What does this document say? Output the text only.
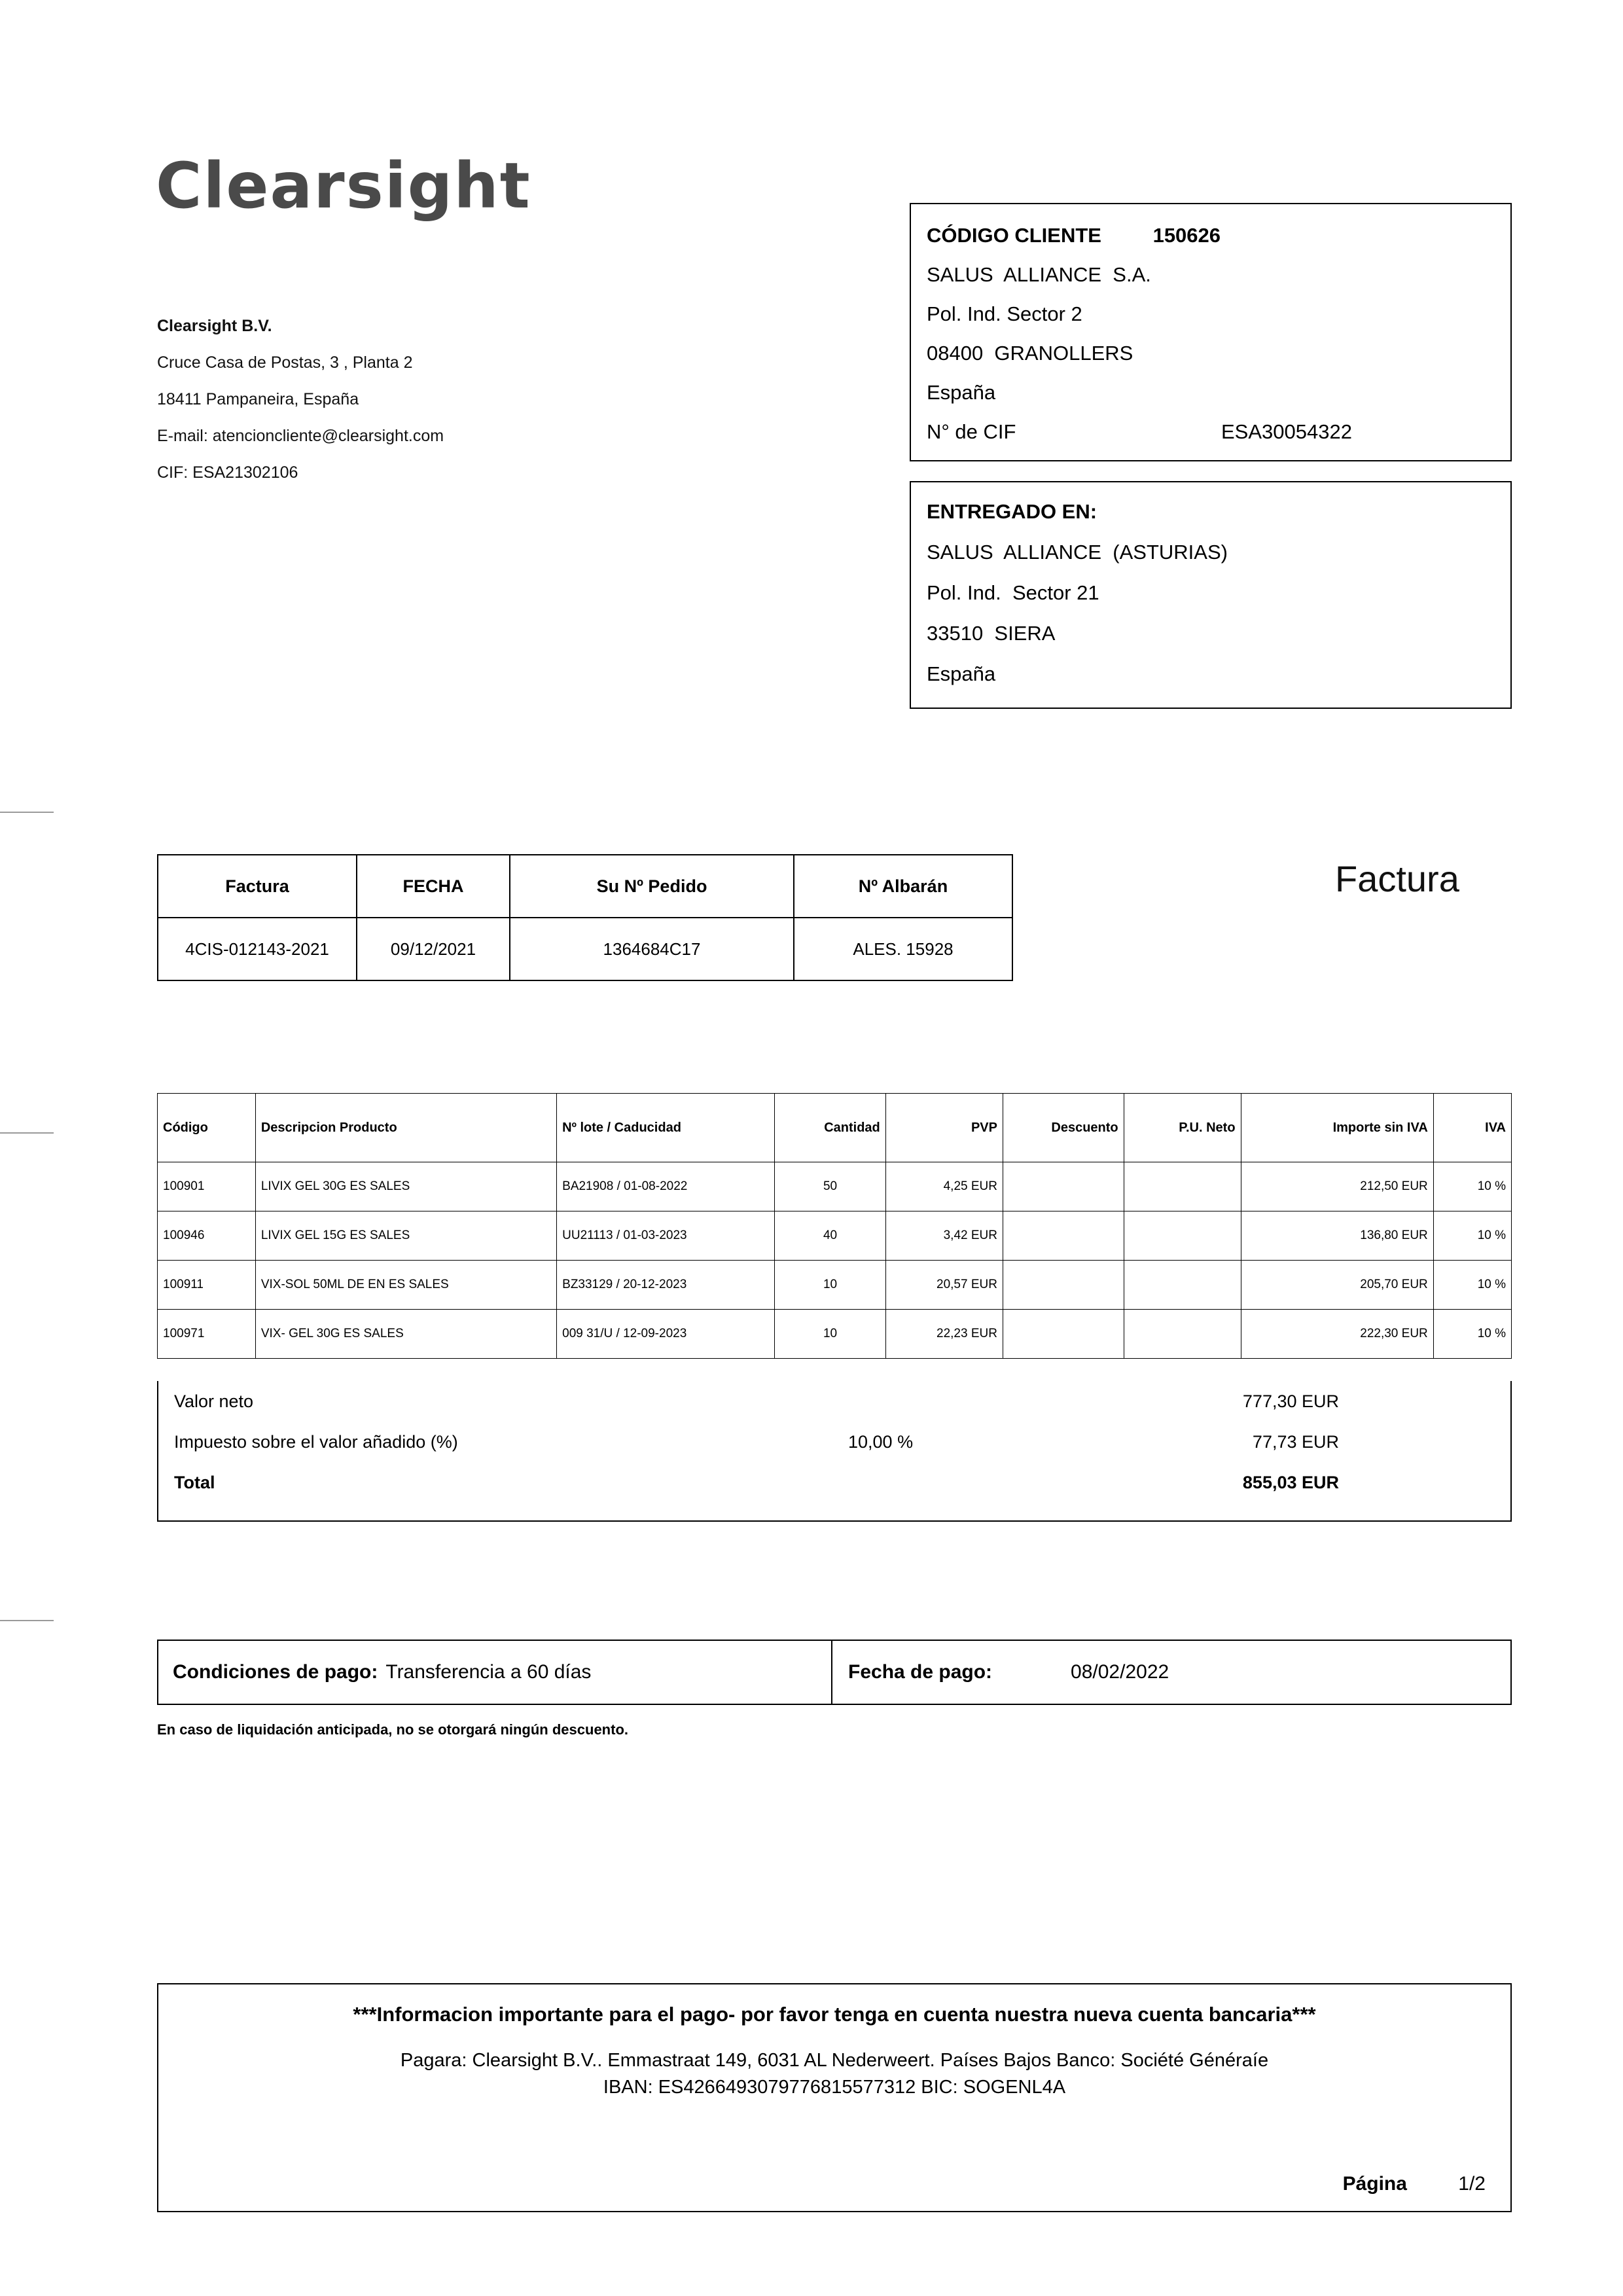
Clearsight
Clearsight B.V.
Cruce Casa de Postas, 3 , Planta 2
18411 Pampaneira, España
E-mail: atencioncliente@clearsight.com
CIF: ESA21302106
CÓDIGO CLIENTE	150626
SALUS  ALLIANCE  S.A.
Pol. Ind. Sector 2
08400  GRANOLLERS
España
N° de CIF	ESA30054322
ENTREGADO EN:
SALUS  ALLIANCE  (ASTURIAS)
Pol. Ind.  Sector 21
33510  SIERA
España
Factura
Factura	FECHA	Su Nº Pedido	Nº Albarán
4CIS-012143-2021	09/12/2021	1364684C17	ALES. 15928
Código	Descripcion Producto	Nº lote / Caducidad	Cantidad	PVP	Descuento	P.U. Neto	Importe sin IVA	IVA
100901	LIVIX GEL 30G ES SALES	BA21908 / 01-08-2022	50	4,25 EUR			212,50 EUR	10 %
100946	LIVIX GEL 15G ES SALES	UU21113 / 01-03-2023	40	3,42 EUR			136,80 EUR	10 %
100911	VIX-SOL 50ML DE EN ES SALES	BZ33129 / 20-12-2023	10	20,57 EUR			205,70 EUR	10 %
100971	VIX- GEL 30G ES SALES	009 31/U / 12-09-2023	10	22,23 EUR			222,30 EUR	10 %
Valor neto	777,30 EUR
Impuesto sobre el valor añadido (%)	10,00 %	77,73 EUR
Total	855,03 EUR
Condiciones de pago: Transferencia a 60 días	Fecha de pago:	08/02/2022
En caso de liquidación anticipada, no se otorgará ningún descuento.
***Informacion importante para el pago- por favor tenga en cuenta nuestra nueva cuenta bancaria***
Pagara: Clearsight B.V.. Emmastraat 149, 6031 AL Nederweert. Países Bajos Banco: Société Généraíe
IBAN: ES4266493079776815577312 BIC: SOGENL4A
Página	1/2
